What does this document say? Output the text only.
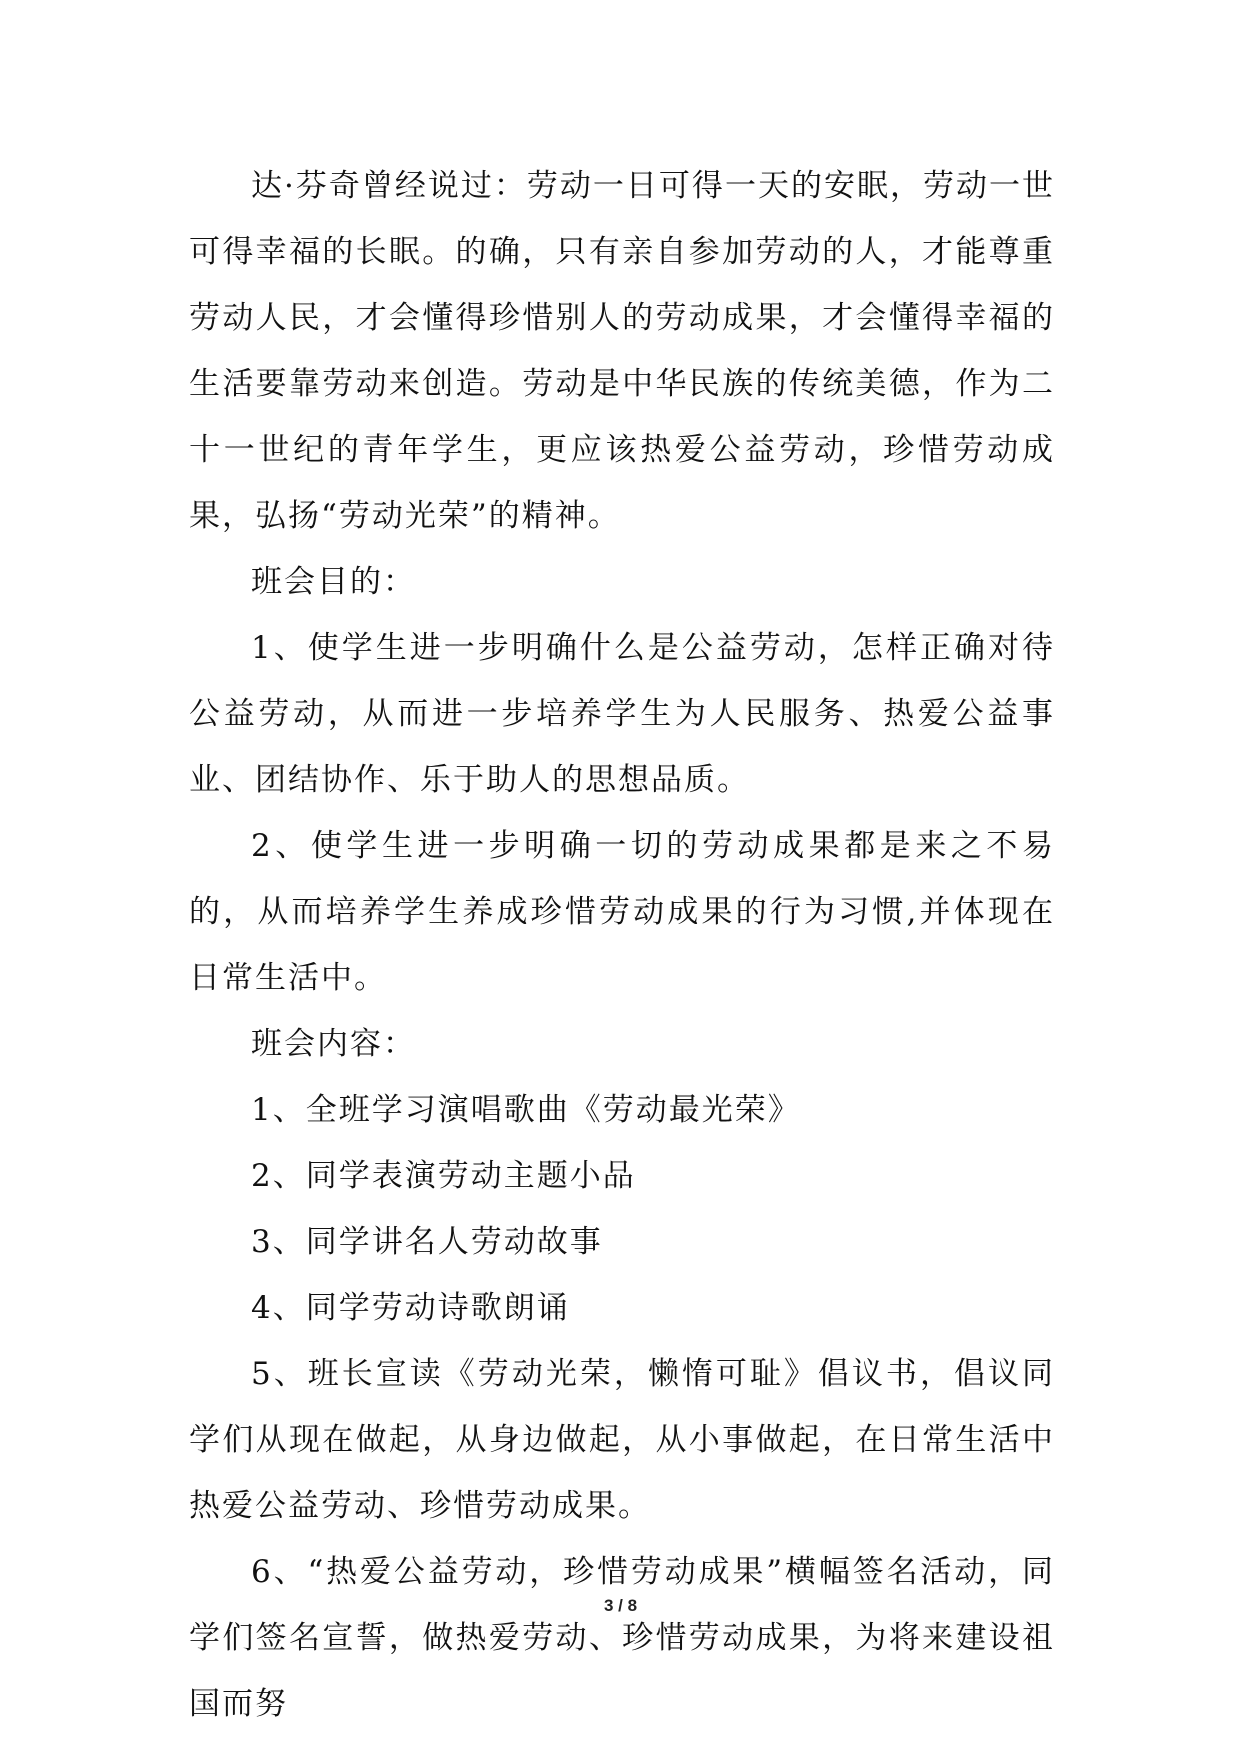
达·芬奇曾经说过：劳动一日可得一天的安眠，劳动一世可得幸福的长眠。的确，只有亲自参加劳动的人，才能尊重劳动人民，才会懂得珍惜别人的劳动成果，才会懂得幸福的生活要靠劳动来创造。劳动是中华民族的传统美德，作为二十一世纪的青年学生，更应该热爱公益劳动，珍惜劳动成果，弘扬“劳动光荣”的精神。

班会目的：

1、使学生进一步明确什么是公益劳动，怎样正确对待公益劳动，从而进一步培养学生为人民服务、热爱公益事业、团结协作、乐于助人的思想品质。

2、使学生进一步明确一切的劳动成果都是来之不易的，从而培养学生养成珍惜劳动成果的行为习惯,并体现在日常生活中。

班会内容：

1、全班学习演唱歌曲《劳动最光荣》

2、同学表演劳动主题小品

3、同学讲名人劳动故事

4、同学劳动诗歌朗诵

5、班长宣读《劳动光荣，懒惰可耻》倡议书，倡议同学们从现在做起，从身边做起，从小事做起，在日常生活中热爱公益劳动、珍惜劳动成果。

6、“热爱公益劳动，珍惜劳动成果”横幅签名活动，同学们签名宣誓，做热爱劳动、珍惜劳动成果，为将来建设祖国而努

3 / 8
